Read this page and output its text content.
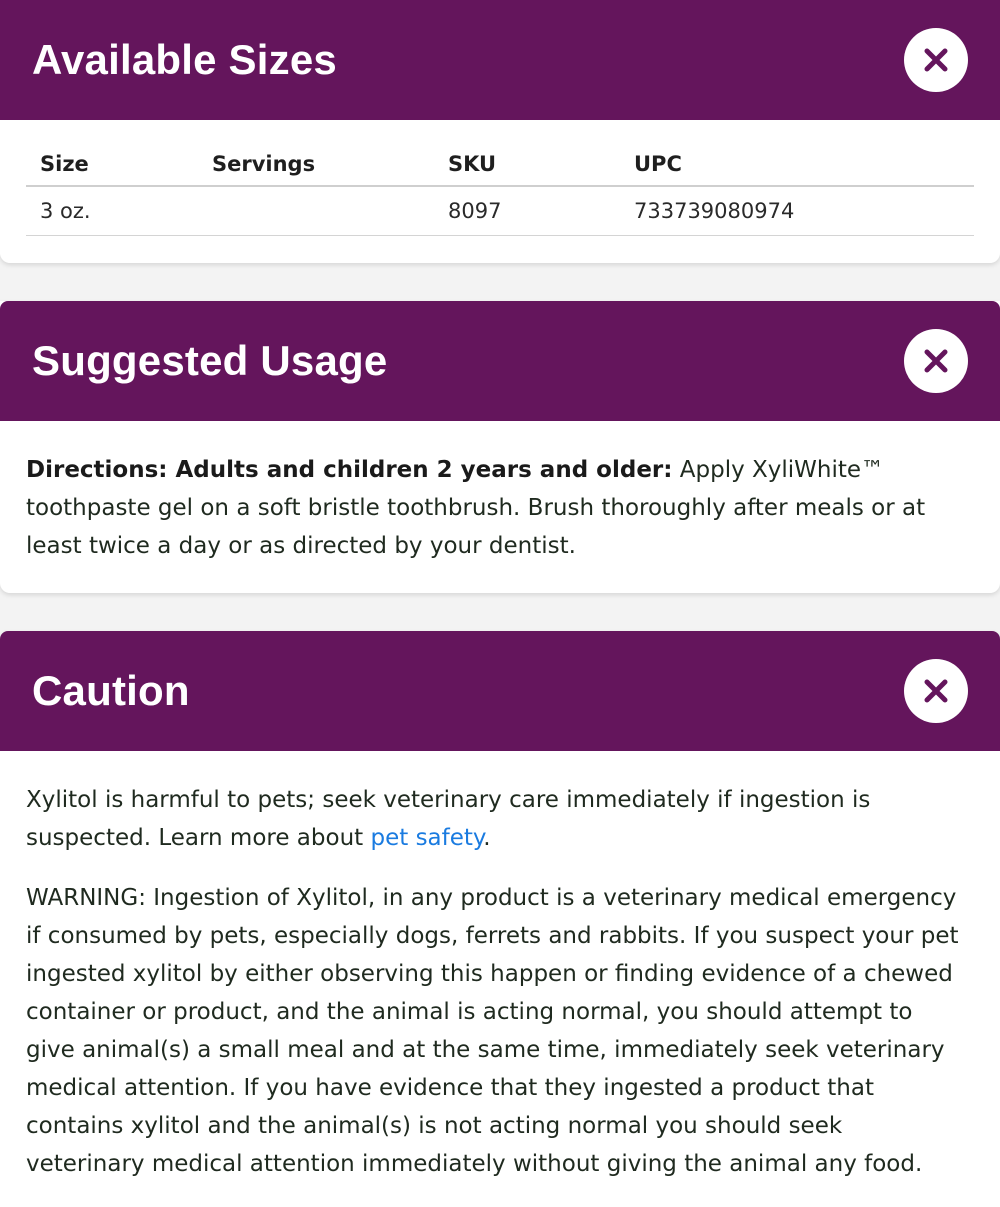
Available Sizes
Size	Servings	SKU	UPC
3 oz.		8097	733739080974
Suggested Usage

Directions: Adults and children 2 years and older: Apply XyliWhite™ toothpaste gel on a soft bristle toothbrush. Brush thoroughly after meals or at least twice a day or as directed by your dentist.

Caution

Xylitol is harmful to pets; seek veterinary care immediately if ingestion is suspected. Learn more about pet safety.

WARNING: Ingestion of Xylitol, in any product is a veterinary medical emergency if consumed by pets, especially dogs, ferrets and rabbits. If you suspect your pet ingested xylitol by either observing this happen or finding evidence of a chewed container or product, and the animal is acting normal, you should attempt to give animal(s) a small meal and at the same time, immediately seek veterinary medical attention. If you have evidence that they ingested a product that contains xylitol and the animal(s) is not acting normal you should seek veterinary medical attention immediately without giving the animal any food.
